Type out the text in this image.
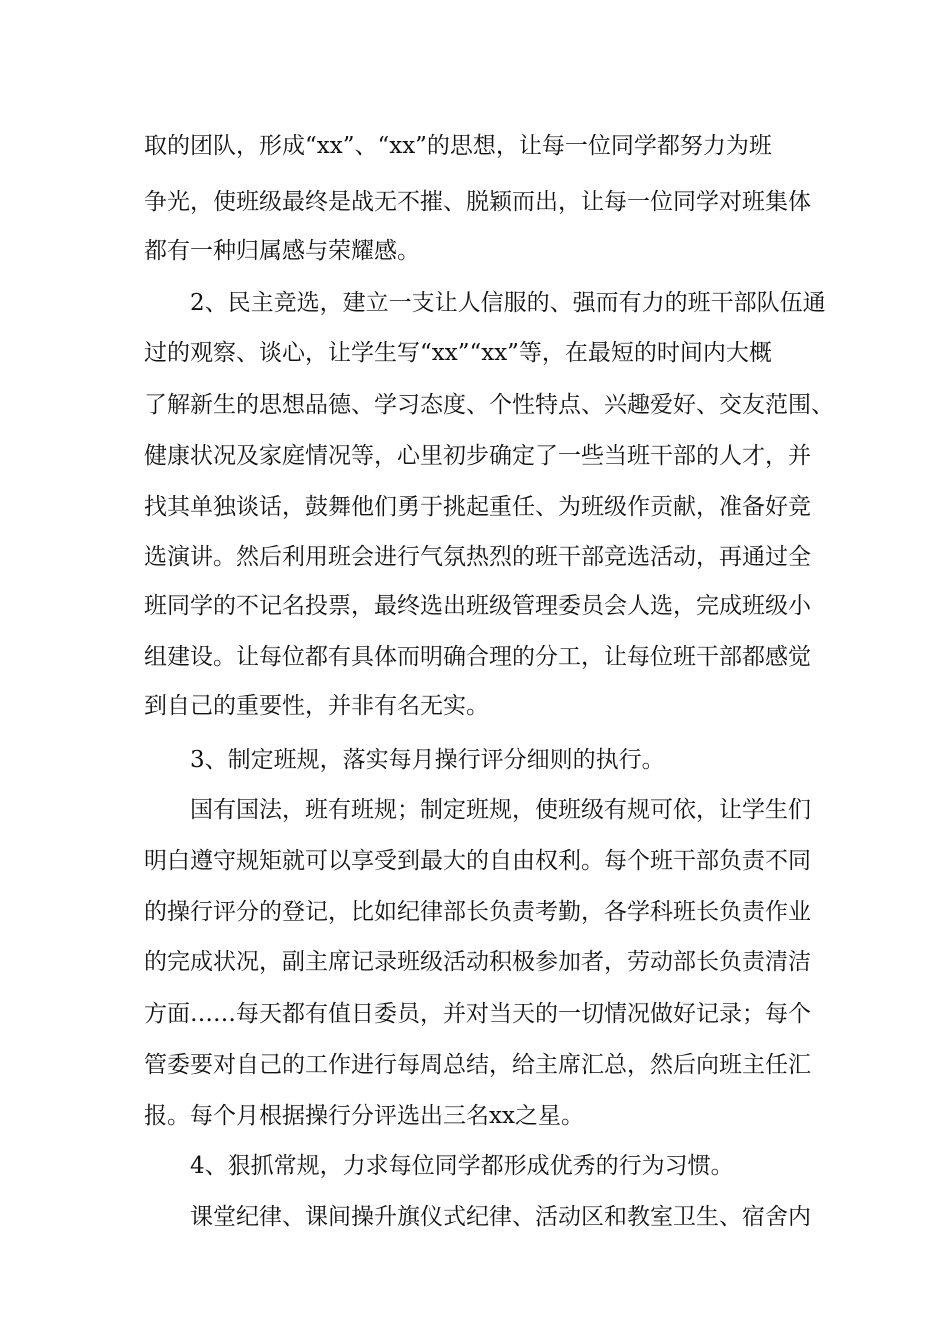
取的团队，形成“xx”、“xx”的思想，让每一位同学都努力为班

争光，使班级最终是战无不摧、脱颖而出，让每一位同学对班集体

都有一种归属感与荣耀感。

2、民主竞选，建立一支让人信服的、强而有力的班干部队伍通

过的观察、谈心，让学生写“xx”“xx”等，在最短的时间内大概

了解新生的思想品德、学习态度、个性特点、兴趣爱好、交友范围、

健康状况及家庭情况等，心里初步确定了一些当班干部的人才，并

找其单独谈话，鼓舞他们勇于挑起重任、为班级作贡献，准备好竞

选演讲。然后利用班会进行气氛热烈的班干部竞选活动，再通过全

班同学的不记名投票，最终选出班级管理委员会人选，完成班级小

组建设。让每位都有具体而明确合理的分工，让每位班干部都感觉

到自己的重要性，并非有名无实。

3、制定班规，落实每月操行评分细则的执行。

国有国法，班有班规；制定班规，使班级有规可依，让学生们

明白遵守规矩就可以享受到最大的自由权利。每个班干部负责不同

的操行评分的登记，比如纪律部长负责考勤，各学科班长负责作业

的完成状况，副主席记录班级活动积极参加者，劳动部长负责清洁

方面……每天都有值日委员，并对当天的一切情况做好记录；每个

管委要对自己的工作进行每周总结，给主席汇总，然后向班主任汇

报。每个月根据操行分评选出三名xx之星。

4、狠抓常规，力求每位同学都形成优秀的行为习惯。

课堂纪律、课间操升旗仪式纪律、活动区和教室卫生、宿舍内
